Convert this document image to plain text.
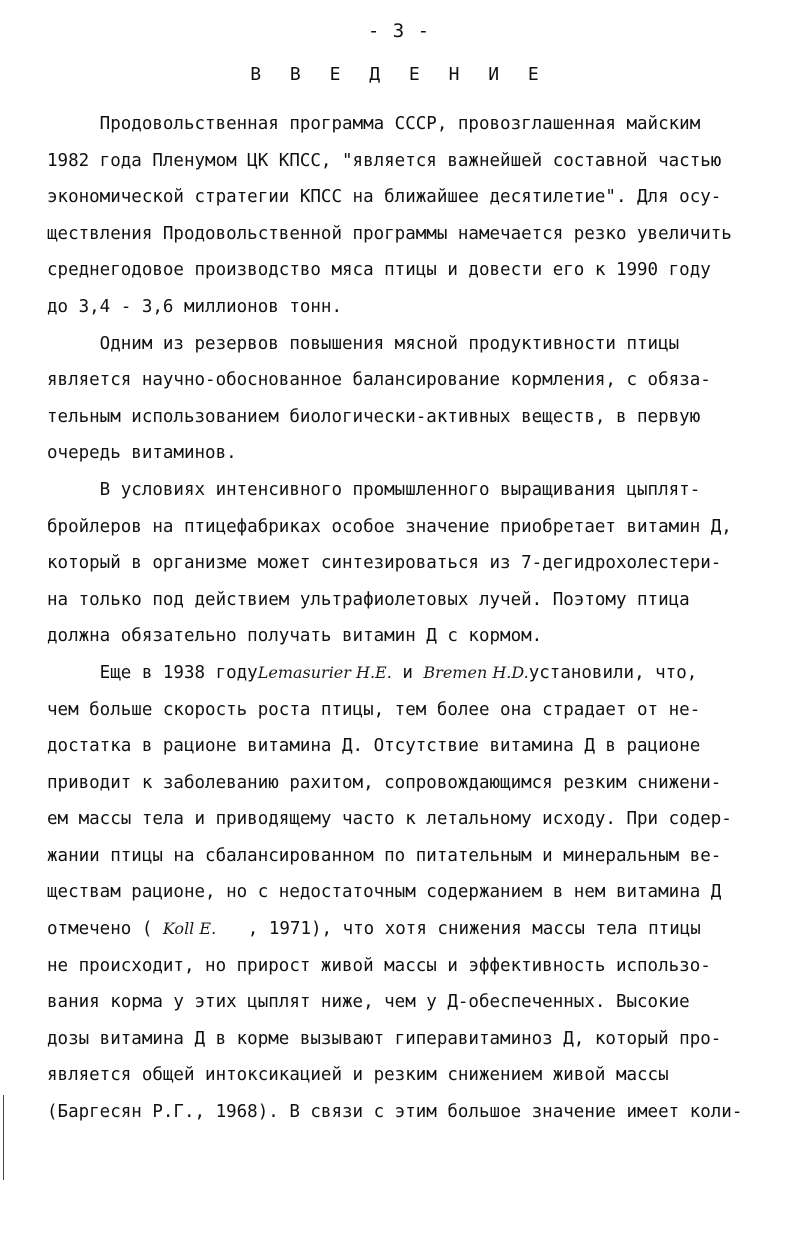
- 3 -
В В Е Д Е Н И Е
Продовольственная программа СССР, провозглашенная майским
1982 года Пленумом ЦК КПСС, "является важнейшей составной частью
экономической стратегии КПСС на ближайшее десятилетие". Для осу-
ществления Продовольственной программы намечается резко увеличить
среднегодовое производство мяса птицы и довести его к 1990 году
до 3,4 - 3,6 миллионов тонн.
Одним из резервов повышения мясной продуктивности птицы
является научно-обоснованное балансирование кормления, с обяза-
тельным использованием биологически-активных веществ, в первую
очередь витаминов.
В условиях интенсивного промышленного выращивания цыплят-
бройлеров на птицефабриках особое значение приобретает витамин Д,
который в организме может синтезироваться из 7-дегидрохолестери-
на только под действием ультрафиолетовых лучей. Поэтому птица
должна обязательно получать витамин Д с кормом.
Еще в 1938 годуLemasurier H.E. и Bremen H.D.установили, что,
чем больше скорость роста птицы, тем более она страдает от не-
достатка в рационе витамина Д. Отсутствие витамина Д в рационе
приводит к заболеванию рахитом, сопровождающимся резким снижени-
ем массы тела и приводящему часто к летальному исходу. При содер-
жании птицы на сбалансированном по питательным и минеральным ве-
ществам рационе, но с недостаточным содержанием в нем витамина Д
отмечено ( Koll E.   , 1971), что хотя снижения массы тела птицы
не происходит, но прирост живой массы и эффективность использо-
вания корма у этих цыплят ниже, чем у Д-обеспеченных. Высокие
дозы витамина Д в корме вызывают гипеpавитаминоз Д, который про-
является общей интоксикацией и резким снижением живой массы
(Баргесян Р.Г., 1968). В связи с этим большое значение имеет коли-
